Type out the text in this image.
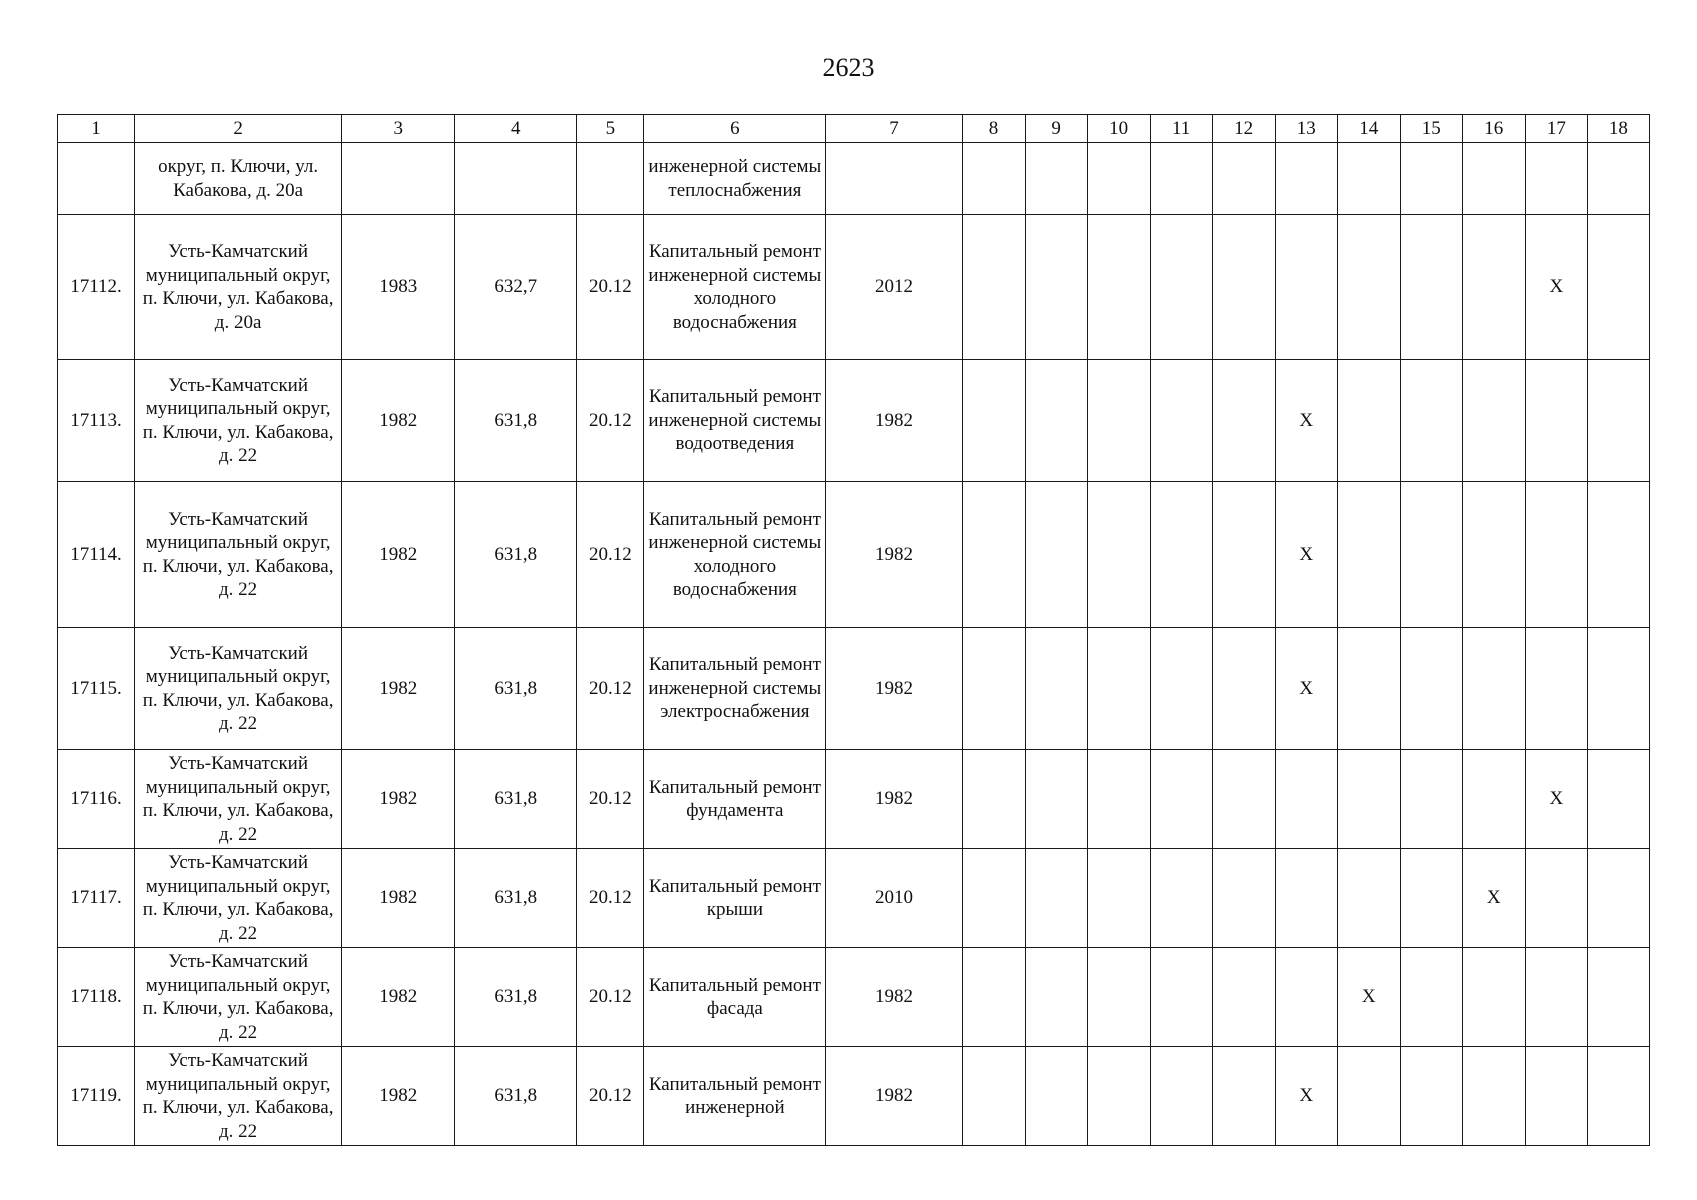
2623
1	2	3	4	5	6	7	8	9	10	11	12	13	14	15	16	17	18
	округ, п. Ключи, ул. Кабакова, д. 20а				инженерной системы теплоснабжения												
17112.	Усть-Камчатский муниципальный округ, п. Ключи, ул. Кабакова, д. 20а	1983	632,7	20.12	Капитальный ремонт инженерной системы холодного водоснабжения	2012										X	
17113.	Усть-Камчатский муниципальный округ, п. Ключи, ул. Кабакова, д. 22	1982	631,8	20.12	Капитальный ремонт инженерной системы водоотведения	1982						X					
17114.	Усть-Камчатский муниципальный округ, п. Ключи, ул. Кабакова, д. 22	1982	631,8	20.12	Капитальный ремонт инженерной системы холодного водоснабжения	1982						X					
17115.	Усть-Камчатский муниципальный округ, п. Ключи, ул. Кабакова, д. 22	1982	631,8	20.12	Капитальный ремонт инженерной системы электроснабжения	1982						X					
17116.	Усть-Камчатский муниципальный округ, п. Ключи, ул. Кабакова, д. 22	1982	631,8	20.12	Капитальный ремонт фундамента	1982										X	
17117.	Усть-Камчатский муниципальный округ, п. Ключи, ул. Кабакова, д. 22	1982	631,8	20.12	Капитальный ремонт крыши	2010									X		
17118.	Усть-Камчатский муниципальный округ, п. Ключи, ул. Кабакова, д. 22	1982	631,8	20.12	Капитальный ремонт фасада	1982							X				
17119.	Усть-Камчатский муниципальный округ, п. Ключи, ул. Кабакова, д. 22	1982	631,8	20.12	Капитальный ремонт инженерной	1982						X					
